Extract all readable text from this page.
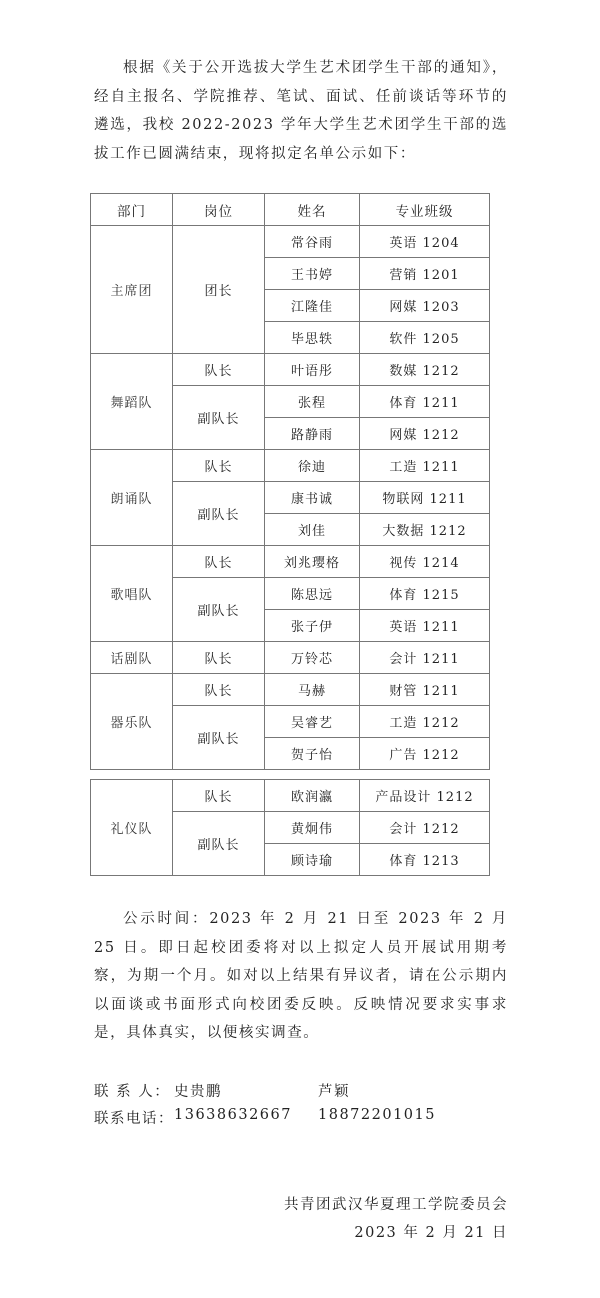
根据《关于公开选拔大学生艺术团学生干部的通知》，经自主报名、学院推荐、笔试、面试、任前谈话等环节的遴选，我校 2022-2023 学年大学生艺术团学生干部的选拔工作已圆满结束，现将拟定名单公示如下：

部门	岗位	姓名	专业班级
主席团	团长	常谷雨	英语 1204
		王书婷	营销 1201
		江隆佳	网媒 1203
		毕思轶	软件 1205
舞蹈队	队长	叶语彤	数媒 1212
	副队长	张程	体育 1211
		路静雨	网媒 1212
朗诵队	队长	徐迪	工造 1211
	副队长	康书诚	物联网 1211
		刘佳	大数据 1212
歌唱队	队长	刘兆璎格	视传 1214
	副队长	陈思远	体育 1215
		张子伊	英语 1211
话剧队	队长	万铃芯	会计 1211
器乐队	队长	马赫	财管 1211
	副队长	吴睿艺	工造 1212
		贺子怡	广告 1212
礼仪队	队长	欧润瀛	产品设计 1212
	副队长	黄炯伟	会计 1212
		顾诗瑜	体育 1213

公示时间：2023 年 2 月 21 日至 2023 年 2 月 25 日。即日起校团委将对以上拟定人员开展试用期考察，为期一个月。如对以上结果有异议者，请在公示期内以面谈或书面形式向校团委反映。反映情况要求实事求是，具体真实，以便核实调查。

联 系 人： 史贵鹏	芦颖
联系电话： 13638632667 18872201015
共青团武汉华夏理工学院委员会
2023 年 2 月 21 日
